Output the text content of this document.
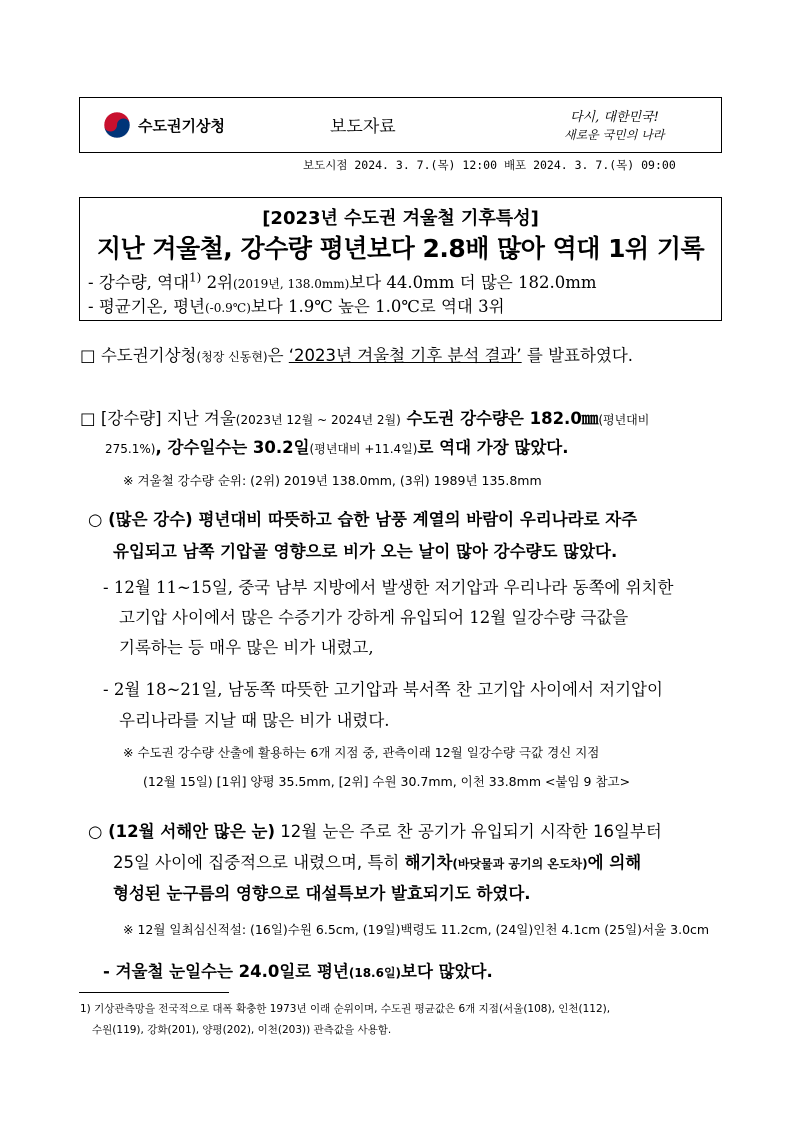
수도권기상청	보도자료	다시, 대한민국!
새로운 국민의 나라
보도시점 2024. 3. 7.(목) 12:00 배포 2024. 3. 7.(목) 09:00
[2023년 수도권 겨울철 기후특성]
지난 겨울철, 강수량 평년보다 2.8배 많아 역대 1위 기록
- 강수량, 역대$^{1)}$ 2위(2019년, 138.0mm)보다 44.0mm 더 많은 182.0mm
- 평균기온, 평년(-0.9℃)보다 1.9℃ 높은 1.0℃로 역대 3위
□ 수도권기상청(청장 신동현)은 ‘2023년 겨울철 기후 분석 결과’ 를 발표하였다.
□ [강수량] 지난 겨울(2023년 12월 ~ 2024년 2월) 수도권 강수량은 182.0㎜(평년대비
275.1%), 강수일수는 30.2일(평년대비 +11.4일)로 역대 가장 많았다.
※ 겨울철 강수량 순위: (2위) 2019년 138.0mm, (3위) 1989년 135.8mm
○ (많은 강수) 평년대비 따뜻하고 습한 남풍 계열의 바람이 우리나라로 자주
유입되고 남쪽 기압골 영향으로 비가 오는 날이 많아 강수량도 많았다.
- 12월 11~15일, 중국 남부 지방에서 발생한 저기압과 우리나라 동쪽에 위치한
고기압 사이에서 많은 수증기가 강하게 유입되어 12월 일강수량 극값을
기록하는 등 매우 많은 비가 내렸고,
- 2월 18~21일, 남동쪽 따뜻한 고기압과 북서쪽 찬 고기압 사이에서 저기압이
우리나라를 지날 때 많은 비가 내렸다.
※ 수도권 강수량 산출에 활용하는 6개 지점 중, 관측이래 12월 일강수량 극값 경신 지점
(12월 15일) [1위] 양평 35.5mm, [2위] 수원 30.7mm, 이천 33.8mm <붙임 9 참고>
○ (12월 서해안 많은 눈) 12월 눈은 주로 찬 공기가 유입되기 시작한 16일부터
25일 사이에 집중적으로 내렸으며, 특히 해기차(바닷물과 공기의 온도차)에 의해
형성된 눈구름의 영향으로 대설특보가 발효되기도 하였다.
※ 12월 일최심신적설: (16일)수원 6.5cm, (19일)백령도 11.2cm, (24일)인천 4.1cm (25일)서울 3.0cm
- 겨울철 눈일수는 24.0일로 평년(18.6일)보다 많았다.
1) 기상관측망을 전국적으로 대폭 확충한 1973년 이래 순위이며, 수도권 평균값은 6개 지점(서울(108), 인천(112),
수원(119), 강화(201), 양평(202), 이천(203)) 관측값을 사용함.
